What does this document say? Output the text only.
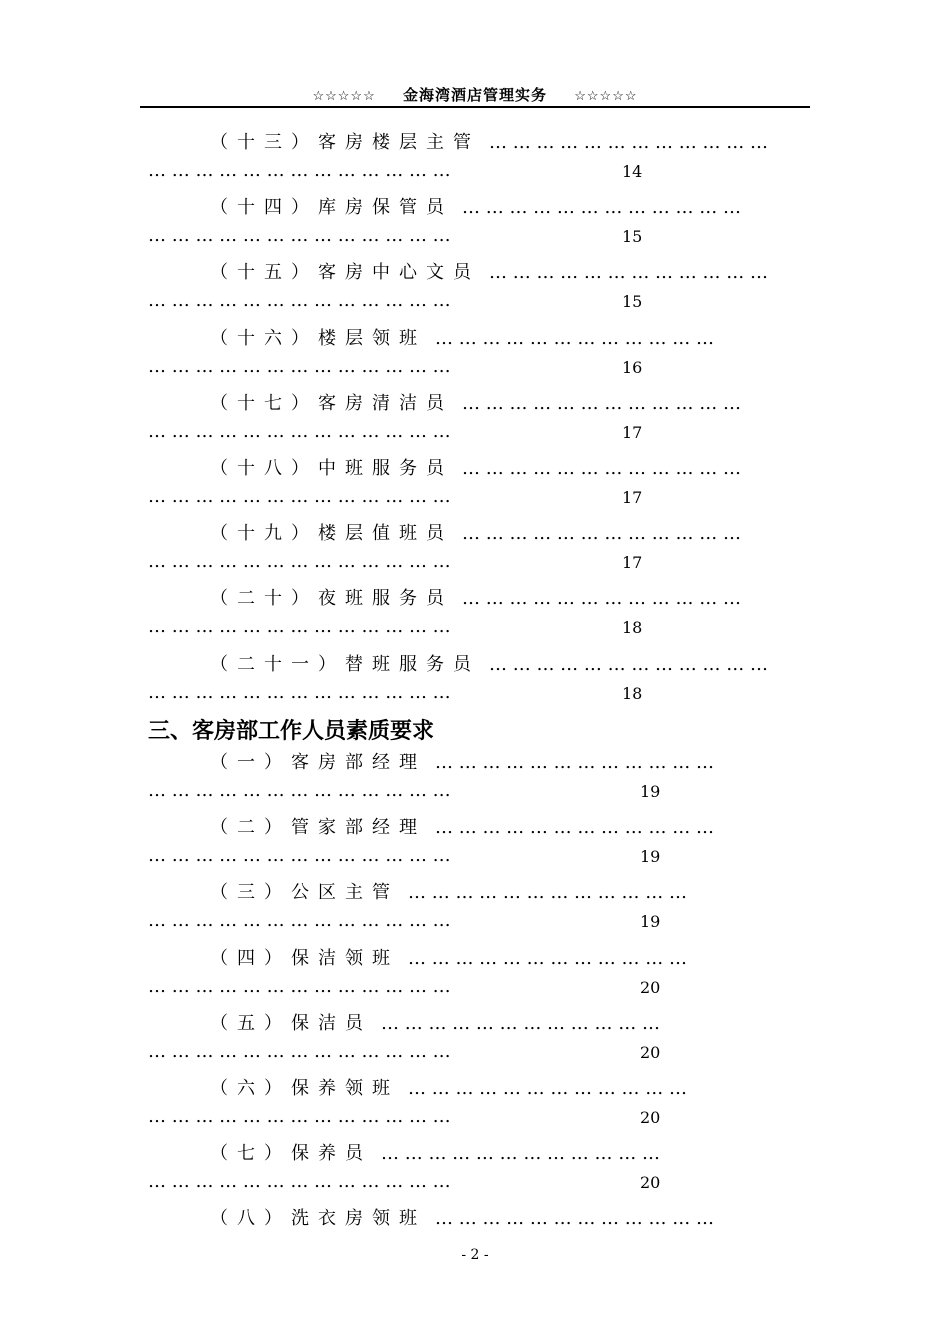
☆☆☆☆☆ 金海湾酒店管理实务 ☆☆☆☆☆
（ 十 三 ） 客 房 楼 层 主 管 … … … … … … … … … … … …
… … … … … … … … … … … … …	14
（ 十 四 ） 库 房 保 管 员 … … … … … … … … … … … …
… … … … … … … … … … … … …	15
（ 十 五 ） 客 房 中 心 文 员 … … … … … … … … … … … …
… … … … … … … … … … … … …	15
（ 十 六 ） 楼 层 领 班 … … … … … … … … … … … …
… … … … … … … … … … … … …	16
（ 十 七 ） 客 房 清 洁 员 … … … … … … … … … … … …
… … … … … … … … … … … … …	17
（ 十 八 ） 中 班 服 务 员 … … … … … … … … … … … …
… … … … … … … … … … … … …	17
（ 十 九 ） 楼 层 值 班 员 … … … … … … … … … … … …
… … … … … … … … … … … … …	17
（ 二 十 ） 夜 班 服 务 员 … … … … … … … … … … … …
… … … … … … … … … … … … …	18
（ 二 十 一 ） 替 班 服 务 员 … … … … … … … … … … … …
… … … … … … … … … … … … …	18
三、客房部工作人员素质要求
（ 一 ） 客 房 部 经 理 … … … … … … … … … … … …
… … … … … … … … … … … … …	19
（ 二 ） 管 家 部 经 理 … … … … … … … … … … … …
… … … … … … … … … … … … …	19
（ 三 ） 公 区 主 管 … … … … … … … … … … … …
… … … … … … … … … … … … …	19
（ 四 ） 保 洁 领 班 … … … … … … … … … … … …
… … … … … … … … … … … … …	20
（ 五 ） 保 洁 员 … … … … … … … … … … … …
… … … … … … … … … … … … …	20
（ 六 ） 保 养 领 班 … … … … … … … … … … … …
… … … … … … … … … … … … …	20
（ 七 ） 保 养 员 … … … … … … … … … … … …
… … … … … … … … … … … … …	20
（ 八 ） 洗 衣 房 领 班 … … … … … … … … … … … …
- 2 -
